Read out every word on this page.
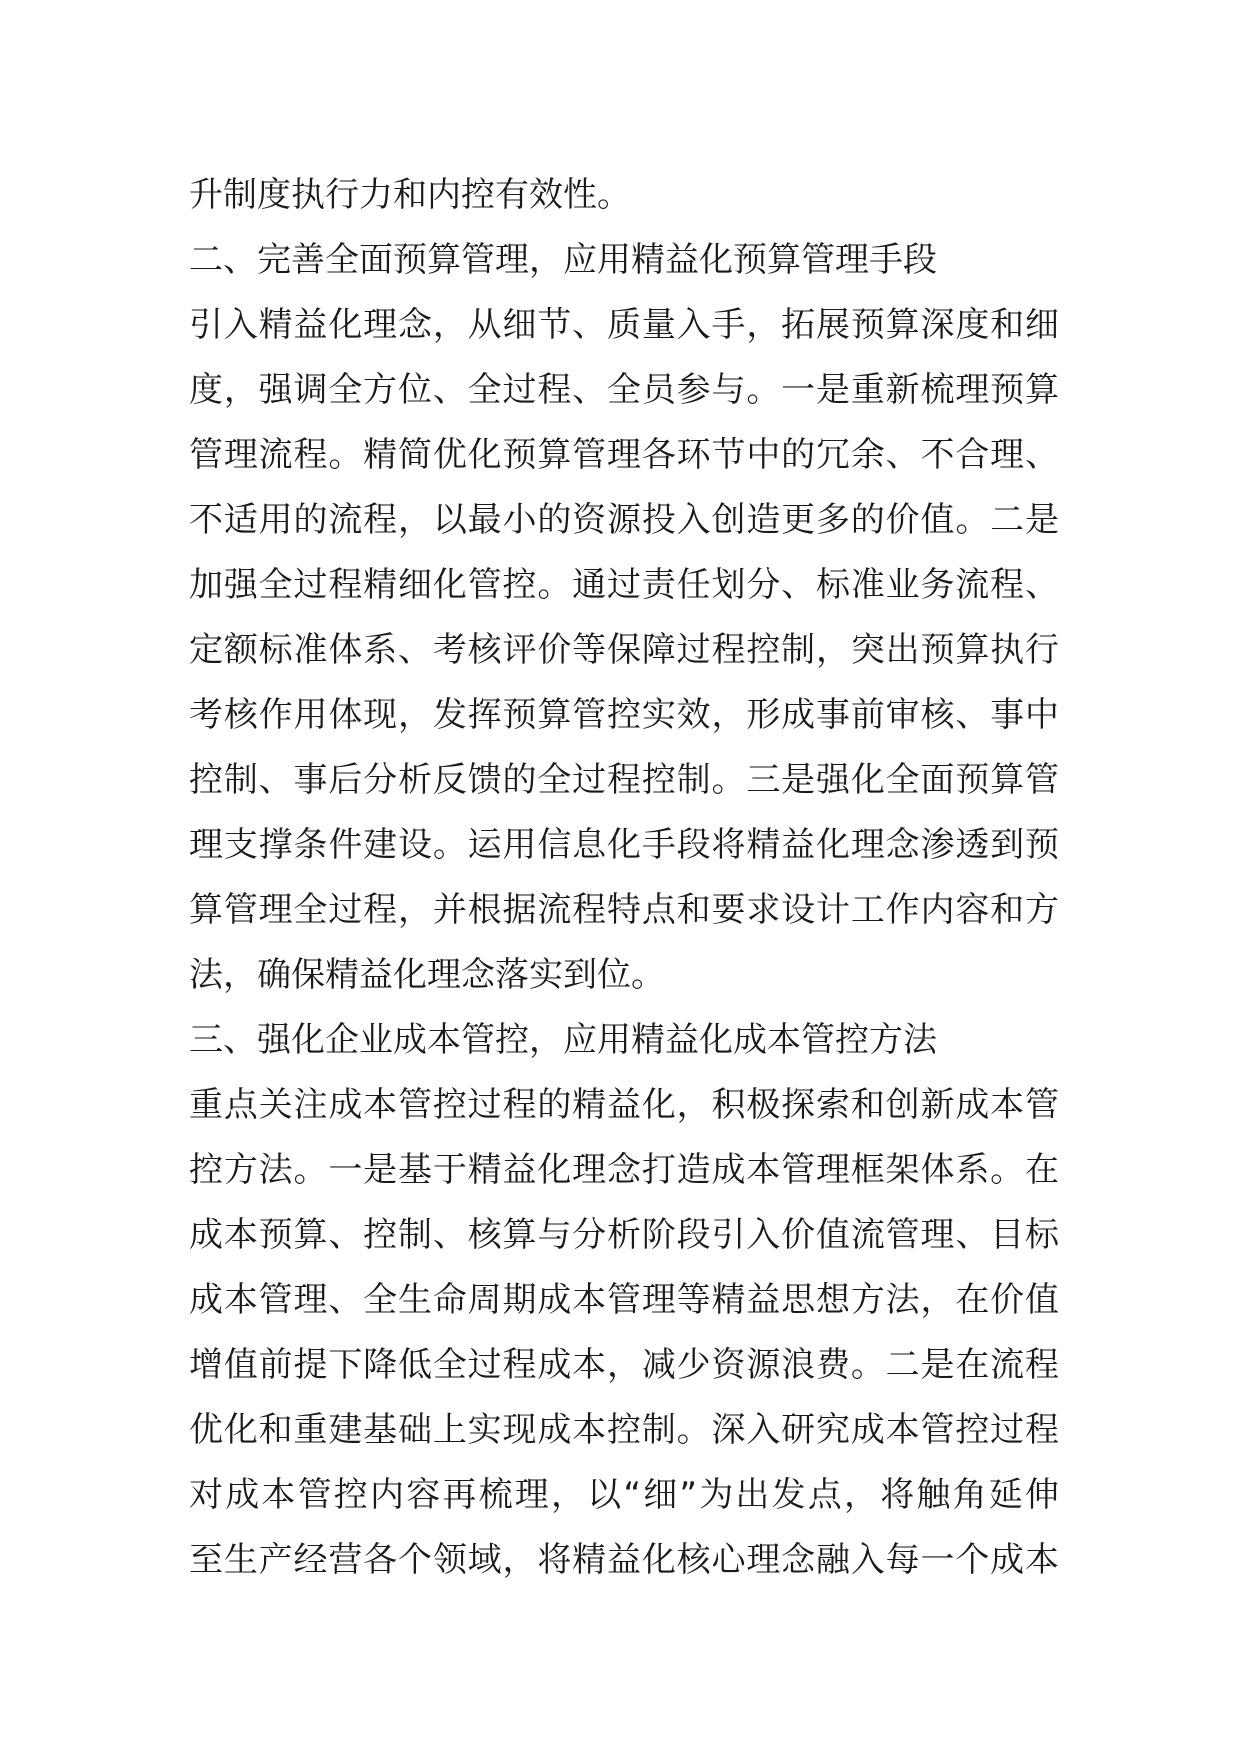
升制度执行力和内控有效性。
二、完善全面预算管理，应用精益化预算管理手段
引入精益化理念，从细节、质量入手，拓展预算深度和细
度，强调全方位、全过程、全员参与。一是重新梳理预算
管理流程。精简优化预算管理各环节中的冗余、不合理、
不适用的流程，以最小的资源投入创造更多的价值。二是
加强全过程精细化管控。通过责任划分、标准业务流程、
定额标准体系、考核评价等保障过程控制，突出预算执行
考核作用体现，发挥预算管控实效，形成事前审核、事中
控制、事后分析反馈的全过程控制。三是强化全面预算管
理支撑条件建设。运用信息化手段将精益化理念渗透到预
算管理全过程，并根据流程特点和要求设计工作内容和方
法，确保精益化理念落实到位。
三、强化企业成本管控，应用精益化成本管控方法
重点关注成本管控过程的精益化，积极探索和创新成本管
控方法。一是基于精益化理念打造成本管理框架体系。在
成本预算、控制、核算与分析阶段引入价值流管理、目标
成本管理、全生命周期成本管理等精益思想方法，在价值
增值前提下降低全过程成本，减少资源浪费。二是在流程
优化和重建基础上实现成本控制。深入研究成本管控过程
对成本管控内容再梳理，以“细”为出发点，将触角延伸
至生产经营各个领域，将精益化核心理念融入每一个成本
